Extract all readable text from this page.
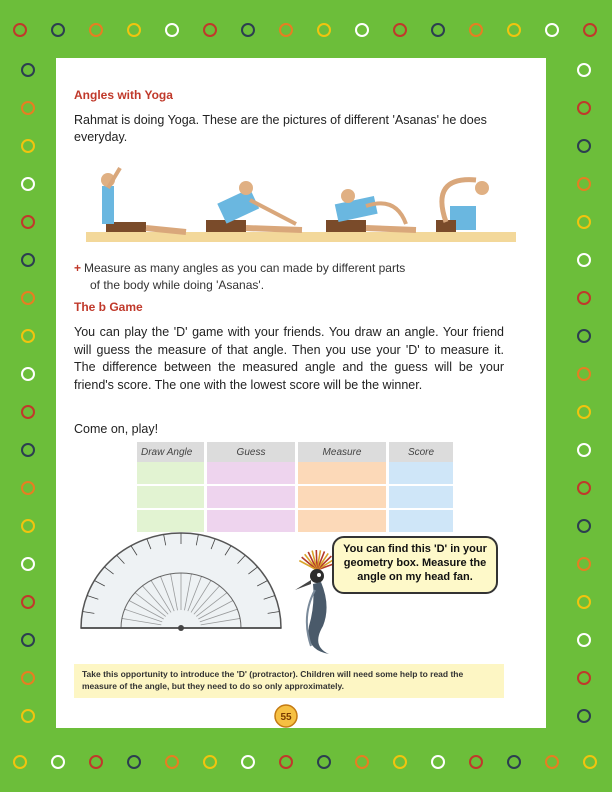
Angles with Yoga
Rahmat is doing Yoga. These are the pictures of different 'Asanas' he does everyday.
+ Measure as many angles as you can made by different parts
of the body while doing 'Asanas'.
The b Game
You can play the 'D' game with your friends. You draw an angle. Your friend will guess the measure of that angle. Then you use your 'D' to measure it. The difference between the measured angle and the guess will be your friend's score. The one with the lowest score will be the winner.
Come on, play!
Draw Angle	Guess	Measure	Score

You can find this 'D' in your geometry box. Measure the angle on my head fan.
Take this opportunity to introduce the 'D' (protractor). Children will need some help to read the measure of the angle, but they need to do so only approximately.
55
